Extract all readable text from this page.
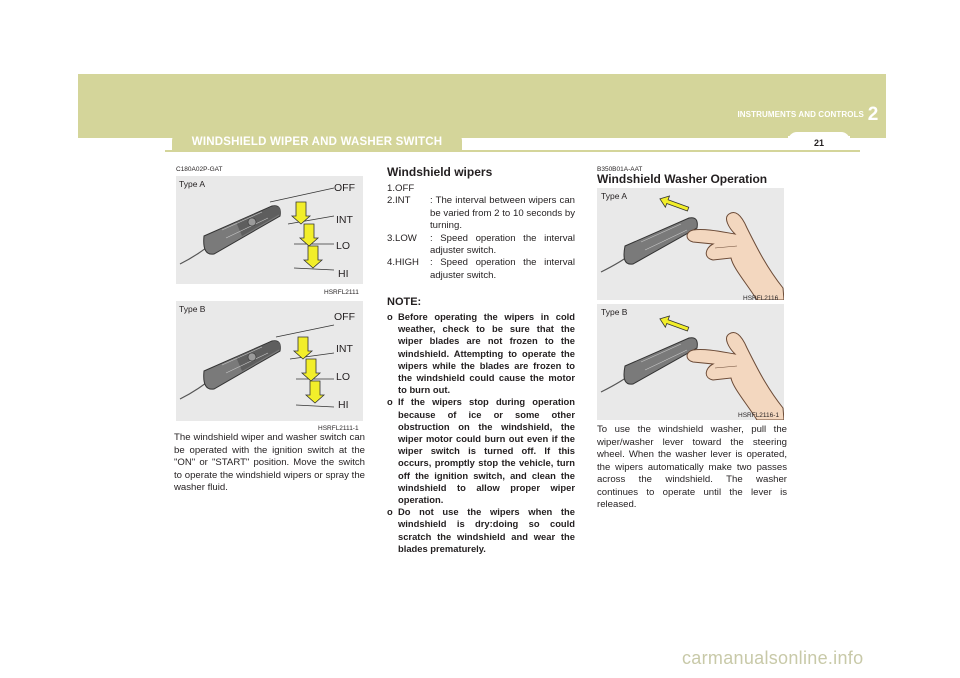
INSTRUMENTS AND CONTROLS 2
21
WINDSHIELD WIPER AND WASHER SWITCH
C180A02P-GAT
Type A	OFF
INT
LO
HI
HSRFL2111
Type B
OFF
INT
LO
HI
HSRFL2111-1
The windshield wiper and washer switch can be operated with the ignition switch at the "ON" or "START" position. Move the switch to operate the windshield wipers or spray the washer fluid.
Windshield wipers
1.OFF
2.INT	: The interval between wipers can be varied from 2 to 10 seconds by turning.
3.LOW	: Speed operation the interval adjuster switch.
4.HIGH	: Speed operation the interval adjuster switch.
NOTE:
o Before operating the wipers in cold weather, check to be sure that the wiper blades are not frozen to the windshield. Attempting to operate the wipers while the blades are frozen to the windshield could cause the motor to burn out.
o If the wipers stop during operation because of ice or some other obstruction on the windshield, the wiper motor could burn out even if the wiper switch is turned off. If this occurs, promptly stop the vehicle, turn off the ignition switch, and clean the windshield to allow proper wiper operation.
o Do not use the wipers when the windshield is dry:doing so could scratch the windshield and wear the blades prematurely.
B350B01A-AAT
Windshield Washer Operation
Type A
HSRFL2116
Type B
HSRFL2116-1
To use the windshield washer, pull the wiper/washer lever toward the steering wheel. When the washer lever is operated, the wipers automatically make two passes across the windshield. The washer continues to operate until the lever is released.
carmanualsonline.info
